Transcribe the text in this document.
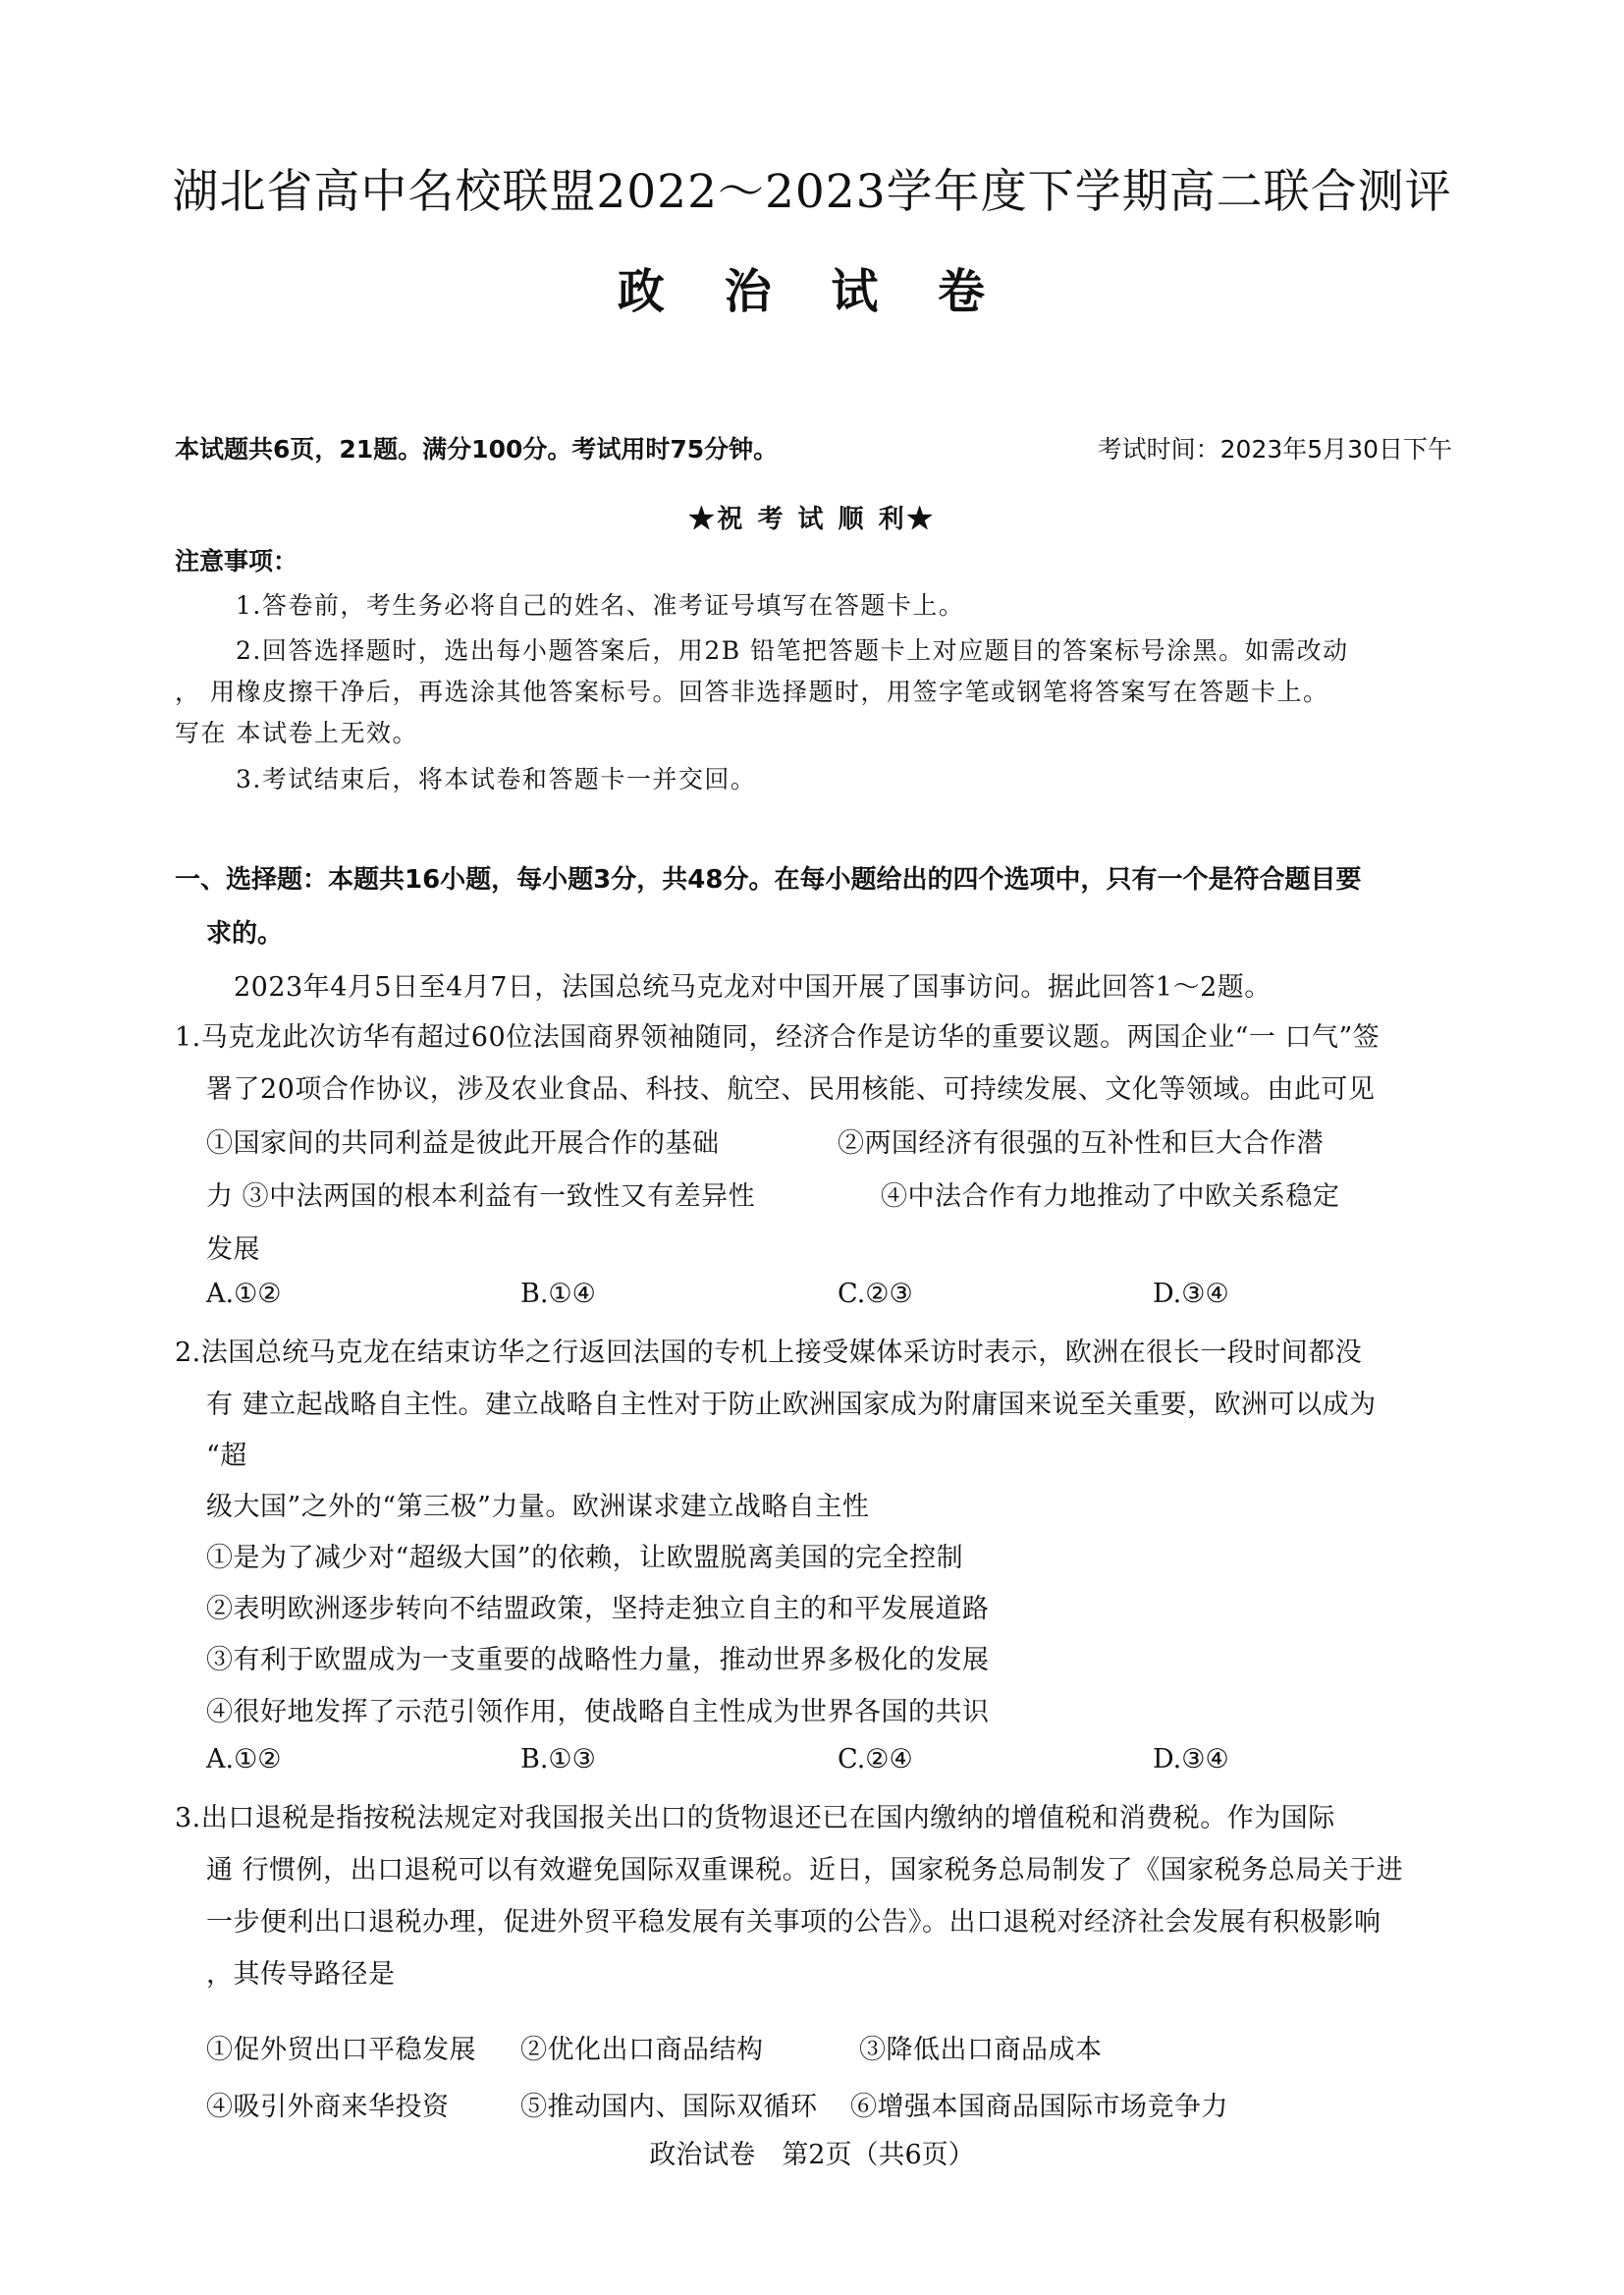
湖北省高中名校联盟2022～2023学年度下学期高二联合测评
政 治 试 卷
本试题共6页，21题。满分100分。考试用时75分钟。	考试时间：2023年5月30日下午
★祝 考 试 顺 利★
注意事项：
1.答卷前，考生务必将自己的姓名、准考证号填写在答题卡上。
2.回答选择题时，选出每小题答案后，用2B 铅笔把答题卡上对应题目的答案标号涂黑。如需改动
， 用橡皮擦干净后，再选涂其他答案标号。回答非选择题时，用签字笔或钢笔将答案写在答题卡上。
写在 本试卷上无效。
3.考试结束后，将本试卷和答题卡一并交回。
一、选择题：本题共16小题，每小题3分，共48分。在每小题给出的四个选项中，只有一个是符合题目要
求的。
2023年4月5日至4月7日，法国总统马克龙对中国开展了国事访问。据此回答1～2题。
1.马克龙此次访华有超过60位法国商界领袖随同，经济合作是访华的重要议题。两国企业“一 口气”签
署了20项合作协议，涉及农业食品、科技、航空、民用核能、可持续发展、文化等领域。由此可见
①国家间的共同利益是彼此开展合作的基础	②两国经济有很强的互补性和巨大合作潜
力 ③中法两国的根本利益有一致性又有差异性	④中法合作有力地推动了中欧关系稳定
发展
A.①②	B.①④	C.②③	D.③④
2.法国总统马克龙在结束访华之行返回法国的专机上接受媒体采访时表示，欧洲在很长一段时间都没
有 建立起战略自主性。建立战略自主性对于防止欧洲国家成为附庸国来说至关重要，欧洲可以成为
“超
级大国”之外的“第三极”力量。欧洲谋求建立战略自主性
①是为了减少对“超级大国”的依赖，让欧盟脱离美国的完全控制
②表明欧洲逐步转向不结盟政策，坚持走独立自主的和平发展道路
③有利于欧盟成为一支重要的战略性力量，推动世界多极化的发展
④很好地发挥了示范引领作用，使战略自主性成为世界各国的共识
A.①②	B.①③	C.②④	D.③④
3.出口退税是指按税法规定对我国报关出口的货物退还已在国内缴纳的增值税和消费税。作为国际
通 行惯例，出口退税可以有效避免国际双重课税。近日，国家税务总局制发了《国家税务总局关于进
一步便利出口退税办理，促进外贸平稳发展有关事项的公告》。出口退税对经济社会发展有积极影响
，其传导路径是
①促外贸出口平稳发展 ②优化出口商品结构	③降低出口商品成本
④吸引外商来华投资	⑤推动国内、国际双循环 ⑥增强本国商品国际市场竞争力
政治试卷　第2页（共6页）
